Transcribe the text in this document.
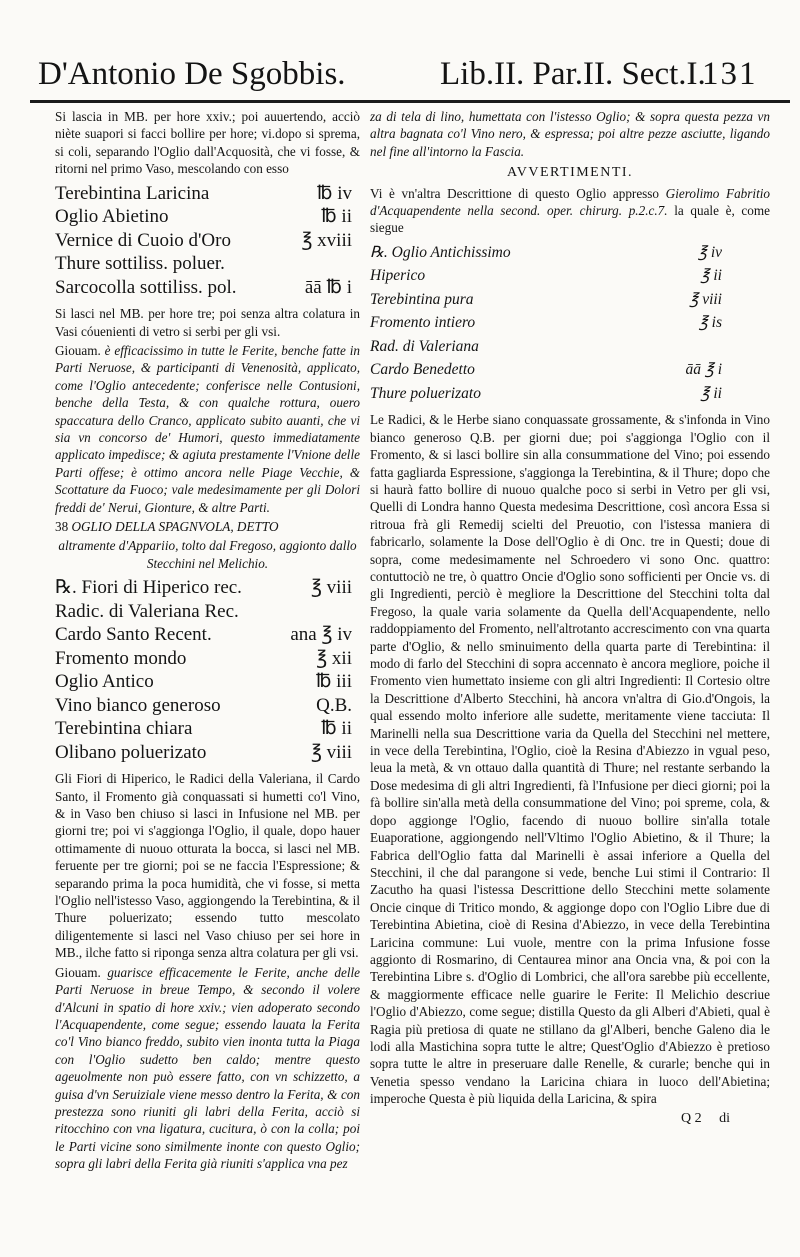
D'Antonio De Sgobbis.	Lib.II. Par.II. Sect.I.
131

Si lascia in MB. per hore xxiv.; poi auuertendo, acciò niète suapori si facci bollire per hore; vi.dopo si sprema, si coli, separando l'Oglio dall'Acquosità, che vi fosse, & ritorni nel primo Vaso, mescolando con esso

Terebintina Laricina	℔ iv
Oglio Abietino	℔ ii
Vernice di Cuoio d'Oro	℥ xviii
Thure sottiliss. poluer.
Sarcocolla sottiliss. pol.	āā ℔ i

Si lasci nel MB. per hore tre; poi senza altra colatura in Vasi cóuenienti di vetro si serbi per gli vsi.

Giouam. è efficacissimo in tutte le Ferite, benche fatte in Parti Neruose, & participanti di Venenosità, applicato, come l'Oglio antecedente; conferisce nelle Contusioni, benche della Testa, & con qualche rottura, ouero spaccatura dello Cranco, applicato subito auanti, che vi sia vn concorso de' Humori, questo immediatamente applicato impedisce; & agiuta prestamente l'Vnione delle Parti offese; è ottimo ancora nelle Piage Vecchie, & Scottature da Fuoco; vale medesimamente per gli Dolori freddi de' Nerui, Gionture, & altre Parti.

38 OGLIO DELLA SPAGNVOLA, DETTO

altramente d'Appariio, tolto dal Fregoso, aggionto dallo Stecchini nel Melichio.

℞. Fiori di Hiperico rec.	℥ viii
Radic. di Valeriana Rec.
Cardo Santo Recent.	ana ℥ iv
Fromento mondo	℥ xii
Oglio Antico	℔ iii
Vino bianco generoso	Q.B.
Terebintina chiara	℔ ii
Olibano poluerizato	℥ viii

Gli Fiori di Hiperico, le Radici della Valeriana, il Cardo Santo, il Fromento già conquassati si humetti co'l Vino, & in Vaso ben chiuso si lasci in Infusione nel MB. per giorni tre; poi vi s'aggionga l'Oglio, il quale, dopo hauer ottimamente di nuouo otturata la bocca, si lasci nel MB. feruente per tre giorni; poi se ne faccia l'Espressione; & separando prima la poca humidità, che vi fosse, si metta l'Oglio nell'istesso Vaso, aggiongendo la Terebintina, & il Thure poluerizato; essendo tutto mescolato diligentemente si lasci nel Vaso chiuso per sei hore in MB., ilche fatto si riponga senza altra colatura per gli vsi.

Giouam. guarisce efficacemente le Ferite, anche delle Parti Neruose in breue Tempo, & secondo il volere d'Alcuni in spatio di hore xxiv.; vien adoperato secondo l'Acquapendente, come segue; essendo lauata la Ferita co'l Vino bianco freddo, subito vien inonta tutta la Piaga con l'Oglio sudetto ben caldo; mentre questo ageuolmente non può essere fatto, con vn schizzetto, a guisa d'vn Seruiziale viene messo dentro la Ferita, & con prestezza sono riuniti gli labri della Ferita, acciò si ritocchino con vna ligatura, cucitura, ò con la colla; poi le Parti vicine sono similmente inonte con questo Oglio; sopra gli labri della Ferita già riuniti s'applica vna pez

za di tela di lino, humettata con l'istesso Oglio; & sopra questa pezza vn altra bagnata co'l Vino nero, & espressa; poi altre pezze asciutte, ligando nel fine all'intorno la Fascia.

AVVERTIMENTI.

Vi è vn'altra Descrittione di questo Oglio appresso Gierolimo Fabritio d'Acquapendente nella second. oper. chirurg. p.2.c.7. la quale è, come siegue

℞. Oglio Antichissimo	℥ iv
Hiperico	℥ ii
Terebintina pura	℥ viii
Fromento intiero	℥ is
Rad. di Valeriana
Cardo Benedetto	āā ℥ i
Thure poluerizato	℥ ii

Le Radici, & le Herbe siano conquassate grossamente, & s'infonda in Vino bianco generoso Q.B. per giorni due; poi s'aggionga l'Oglio con il Fromento, & si lasci bollire sin alla consummatione del Vino; poi essendo fatta gagliarda Espressione, s'aggionga la Terebintina, & il Thure; dopo che si haurà fatto bollire di nuouo qualche poco si serbi in Vetro per gli vsi, Quelli di Londra hanno Questa medesima Descrittione, così ancora Essa si ritroua frà gli Remedij scielti del Preuotio, con l'istessa maniera di fabricarlo, solamente la Dose dell'Oglio è di Onc. tre in Questi; doue di sopra, come medesimamente nel Schroedero vi sono Onc. quattro: contuttociò ne tre, ò quattro Oncie d'Oglio sono sofficienti per Oncie vs. di gli Ingredienti, perciò è megliore la Descrittione del Stecchini tolta dal Fregoso, la quale varia solamente da Quella dell'Acquapendente, nello raddoppiamento del Fromento, nell'altrotanto accrescimento con vna quarta parte d'Oglio, & nello sminuimento della quarta parte di Terebintina: il modo di farlo del Stecchini di sopra accennato è ancora megliore, poiche il Fromento vien humettato insieme con gli altri Ingredienti: Il Cortesio oltre la Descrittione d'Alberto Stecchini, hà ancora vn'altra di Gio.d'Ongois, la qual essendo molto inferiore alle sudette, meritamente viene tacciuta: Il Marinelli nella sua Descrittione varia da Quella del Stecchini nel mettere, in vece della Terebintina, l'Oglio, cioè la Resina d'Abiezzo in vgual peso, leua la metà, & vn ottauo dalla quantità di Thure; nel restante serbando la Dose medesima di gli altri Ingredienti, fà l'Infusione per dieci giorni; poi la fà bollire sin'alla metà della consummatione del Vino; poi spreme, cola, & dopo aggionge l'Oglio, facendo di nuouo bollire sin'alla totale Euaporatione, aggiongendo nell'Vltimo l'Oglio Abietino, & il Thure; la Fabrica dell'Oglio fatta dal Marinelli è assai inferiore a Quella del Stecchini, il che dal parangone si vede, benche Lui stimi il Contrario: Il Zacutho ha quasi l'istessa Descrittione dello Stecchini mette solamente Oncie cinque di Tritico mondo, & aggionge dopo con l'Oglio Libre due di Terebintina Abietina, cioè di Resina d'Abiezzo, in vece della Terebintina Laricina commune: Lui vuole, mentre con la prima Infusione fosse aggionto di Rosmarino, di Centaurea minor ana Oncia vna, & poi con la Terebintina Libre s. d'Oglio di Lombrici, che all'ora sarebbe più eccellente, & maggiormente efficace nelle guarire le Ferite: Il Melichio descriue l'Oglio d'Abiezzo, come segue; distilla Questo da gli Alberi d'Abieti, qual è Ragia più pretiosa di quate ne stillano da gl'Alberi, benche Galeno dia le lodi alla Mastichina sopra tutte le altre; Quest'Oglio d'Abiezzo è pretioso sopra tutte le altre in preseruare dalle Renelle, & curarle; benche qui in Venetia spesso vendano la Laricina chiara in luoco dell'Abietina; imperoche Questa è più liquida della Laricina, & spira

Q 2 di
